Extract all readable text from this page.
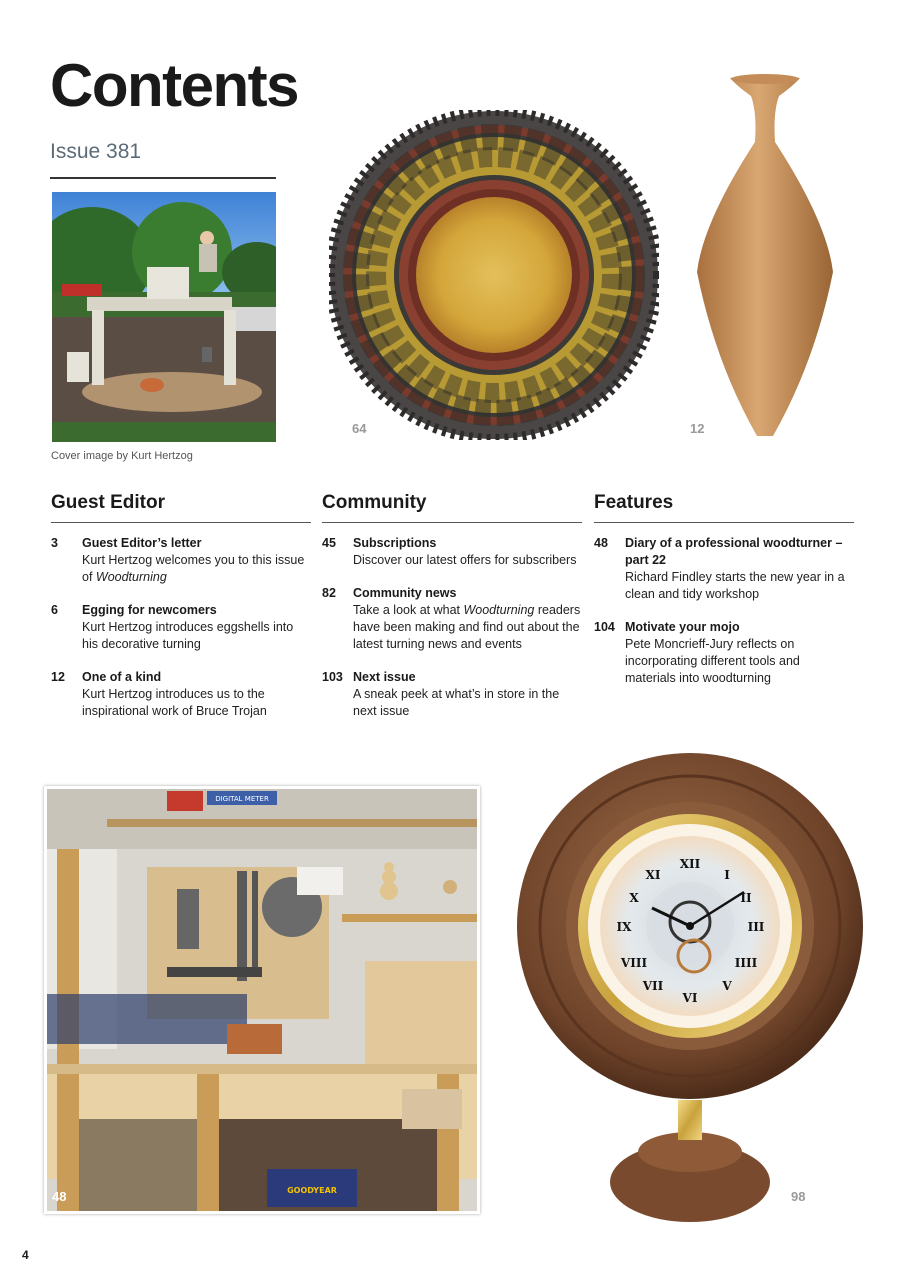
Contents
Issue 381
Cover image by Kurt Hertzog
64	12
Guest Editor
3	Guest Editor’s letter
Kurt Hertzog welcomes you to this issue of Woodturning
6	Egging for newcomers
Kurt Hertzog introduces eggshells into his decorative turning
12	One of a kind
Kurt Hertzog introduces us to the inspirational work of Bruce Trojan
Community
45	Subscriptions
Discover our latest offers for subscribers
82	Community news
Take a look at what Woodturning readers have been making and find out about the latest turning news and events
103 Next issue
A sneak peek at what’s in store in the next issue
Features
48	Diary of a professional woodturner – part 22
Richard Findley starts the new year in a clean and tidy workshop
104 Motivate your mojo
Pete Moncrieff-Jury reflects on incorporating different tools and materials into woodturning
DIGITAL METER
GOODYEAR
48
XII
I
II
III
IIII
V
VI
VII
VIII
IX
X
XI
98
4
